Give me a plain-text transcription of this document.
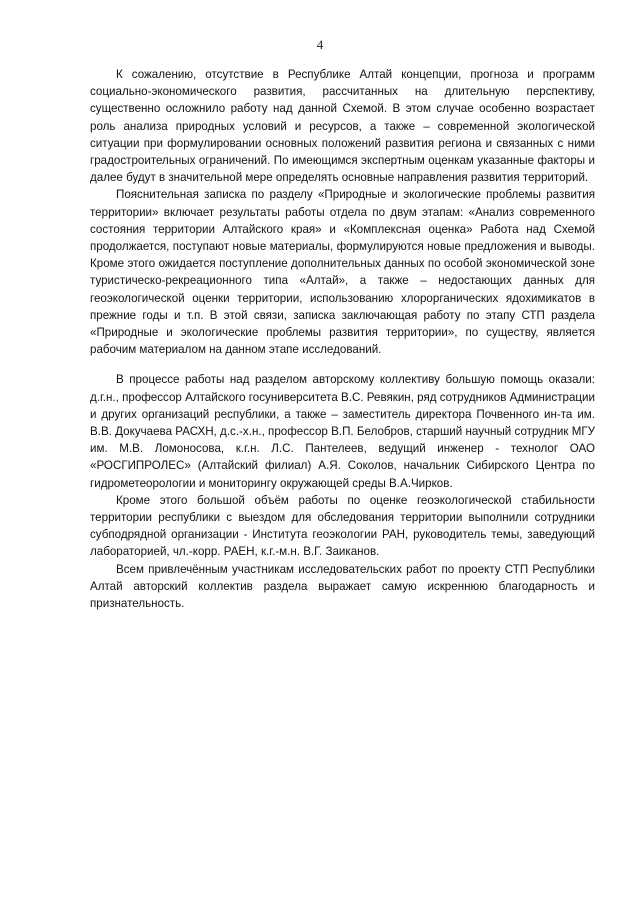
4

К сожалению, отсутствие в Республике Алтай концепции, прогноза и программ социально-экономического развития, рассчитанных на длительную перспективу, существенно осложнило работу над данной Схемой. В этом случае особенно возрастает роль анализа природных условий и ресурсов, а также – современной экологической ситуации при формулировании основных положений развития региона и связанных с ними градостроительных ограничений. По имеющимся экспертным оценкам указанные факторы и далее будут в значительной мере определять основные направления развития территорий.

Пояснительная записка по разделу «Природные и экологические проблемы развития территории» включает результаты работы отдела по двум этапам: «Анализ современного состояния территории Алтайского края» и «Комплексная оценка» Работа над Схемой продолжается, поступают новые материалы, формулируются новые предложения и выводы. Кроме этого ожидается поступление дополнительных данных по особой экономической зоне туристическо-рекреационного типа «Алтай», а также – недостающих данных для геоэкологической оценки территории, использованию хлорорганических ядохимикатов в прежние годы и т.п. В этой связи, записка заключающая работу по этапу СТП раздела «Природные и экологические проблемы развития территории», по существу, является рабочим материалом на данном этапе исследований.

В процессе работы над разделом авторскому коллективу большую помощь оказали: д.г.н., профессор Алтайского госуниверситета В.С. Ревякин, ряд сотрудников Администрации и других организаций республики, а также – заместитель директора Почвенного ин-та им. В.В. Докучаева РАСХН, д.с.-х.н., профессор В.П. Белобров, старший научный сотрудник МГУ им. М.В. Ломоносова, к.г.н. Л.С. Пантелеев, ведущий инженер - технолог ОАО «РОСГИПРОЛЕС» (Алтайский филиал) А.Я. Соколов, начальник Сибирского Центра по гидрометеорологии и мониторингу окружающей среды В.А.Чирков.

Кроме этого большой объём работы по оценке геоэкологической стабильности территории республики с выездом для обследования территории выполнили сотрудники субподрядной организации - Института геоэкологии РАН, руководитель темы, заведующий лабораторией, чл.-корр. РАЕН, к.г.-м.н. В.Г. Заиканов.

Всем привлечённым участникам исследовательских работ по проекту СТП Республики Алтай авторский коллектив раздела выражает самую искреннюю благодарность и признательность.
